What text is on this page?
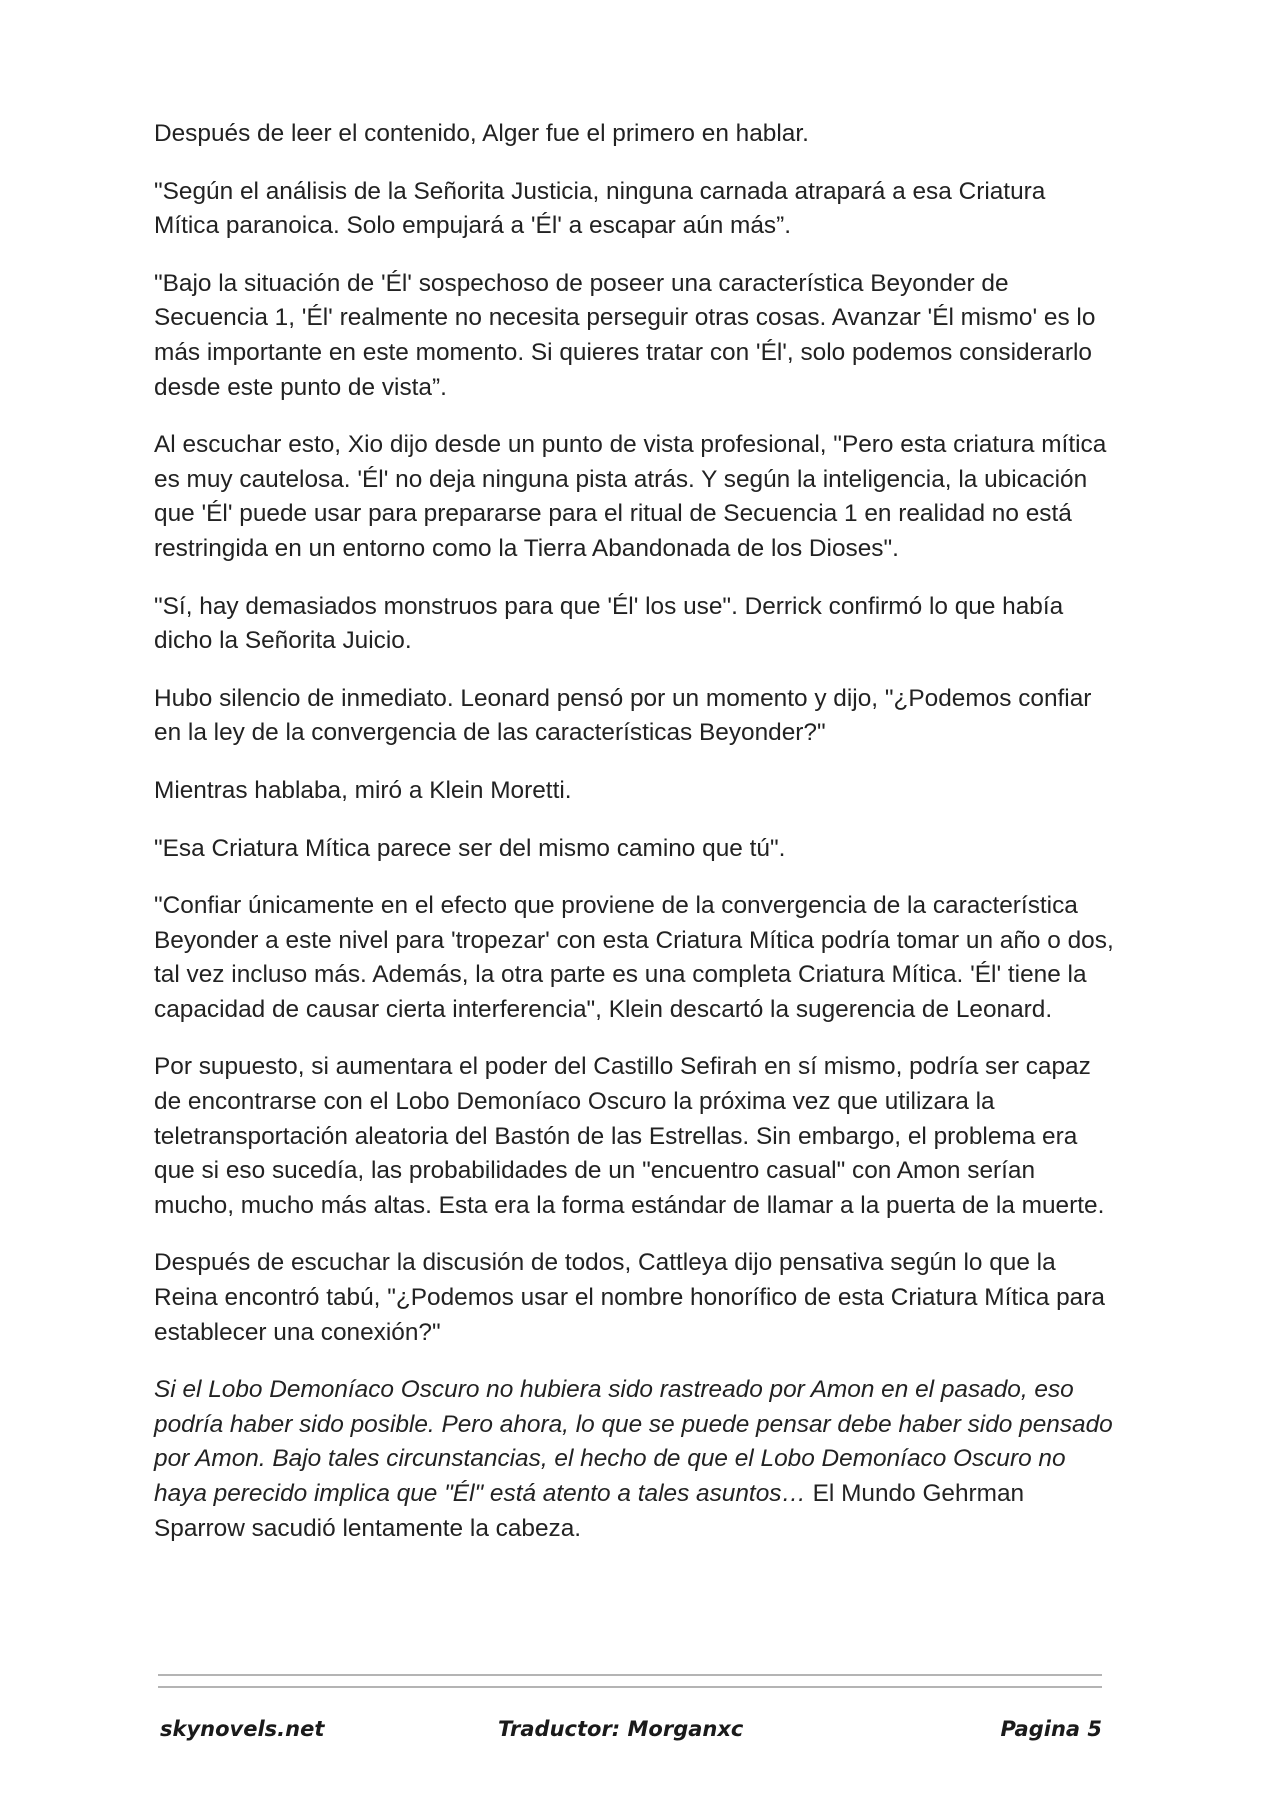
Después de leer el contenido, Alger fue el primero en hablar.

"Según el análisis de la Señorita Justicia, ninguna carnada atrapará a esa Criatura Mítica paranoica. Solo empujará a 'Él' a escapar aún más”.

"Bajo la situación de 'Él' sospechoso de poseer una característica Beyonder de Secuencia 1, 'Él' realmente no necesita perseguir otras cosas. Avanzar 'Él mismo' es lo más importante en este momento. Si quieres tratar con 'Él', solo podemos considerarlo desde este punto de vista”.

Al escuchar esto, Xio dijo desde un punto de vista profesional, "Pero esta criatura mítica es muy cautelosa. 'Él' no deja ninguna pista atrás. Y según la inteligencia, la ubicación que 'Él' puede usar para prepararse para el ritual de Secuencia 1 en realidad no está restringida en un entorno como la Tierra Abandonada de los Dioses".

"Sí, hay demasiados monstruos para que 'Él' los use". Derrick confirmó lo que había dicho la Señorita Juicio.

Hubo silencio de inmediato. Leonard pensó por un momento y dijo, "¿Podemos confiar en la ley de la convergencia de las características Beyonder?"

Mientras hablaba, miró a Klein Moretti.

"Esa Criatura Mítica parece ser del mismo camino que tú".

"Confiar únicamente en el efecto que proviene de la convergencia de la característica Beyonder a este nivel para 'tropezar' con esta Criatura Mítica podría tomar un año o dos, tal vez incluso más. Además, la otra parte es una completa Criatura Mítica. 'Él' tiene la capacidad de causar cierta interferencia", Klein descartó la sugerencia de Leonard.

Por supuesto, si aumentara el poder del Castillo Sefirah en sí mismo, podría ser capaz de encontrarse con el Lobo Demoníaco Oscuro la próxima vez que utilizara la teletransportación aleatoria del Bastón de las Estrellas. Sin embargo, el problema era que si eso sucedía, las probabilidades de un "encuentro casual" con Amon serían mucho, mucho más altas. Esta era la forma estándar de llamar a la puerta de la muerte.

Después de escuchar la discusión de todos, Cattleya dijo pensativa según lo que la Reina encontró tabú, "¿Podemos usar el nombre honorífico de esta Criatura Mítica para establecer una conexión?"

Si el Lobo Demoníaco Oscuro no hubiera sido rastreado por Amon en el pasado, eso podría haber sido posible. Pero ahora, lo que se puede pensar debe haber sido pensado por Amon. Bajo tales circunstancias, el hecho de que el Lobo Demoníaco Oscuro no haya perecido implica que "Él" está atento a tales asuntos… El Mundo Gehrman Sparrow sacudió lentamente la cabeza.

skynovels.net	Traductor: Morganxc	Pagina 5
